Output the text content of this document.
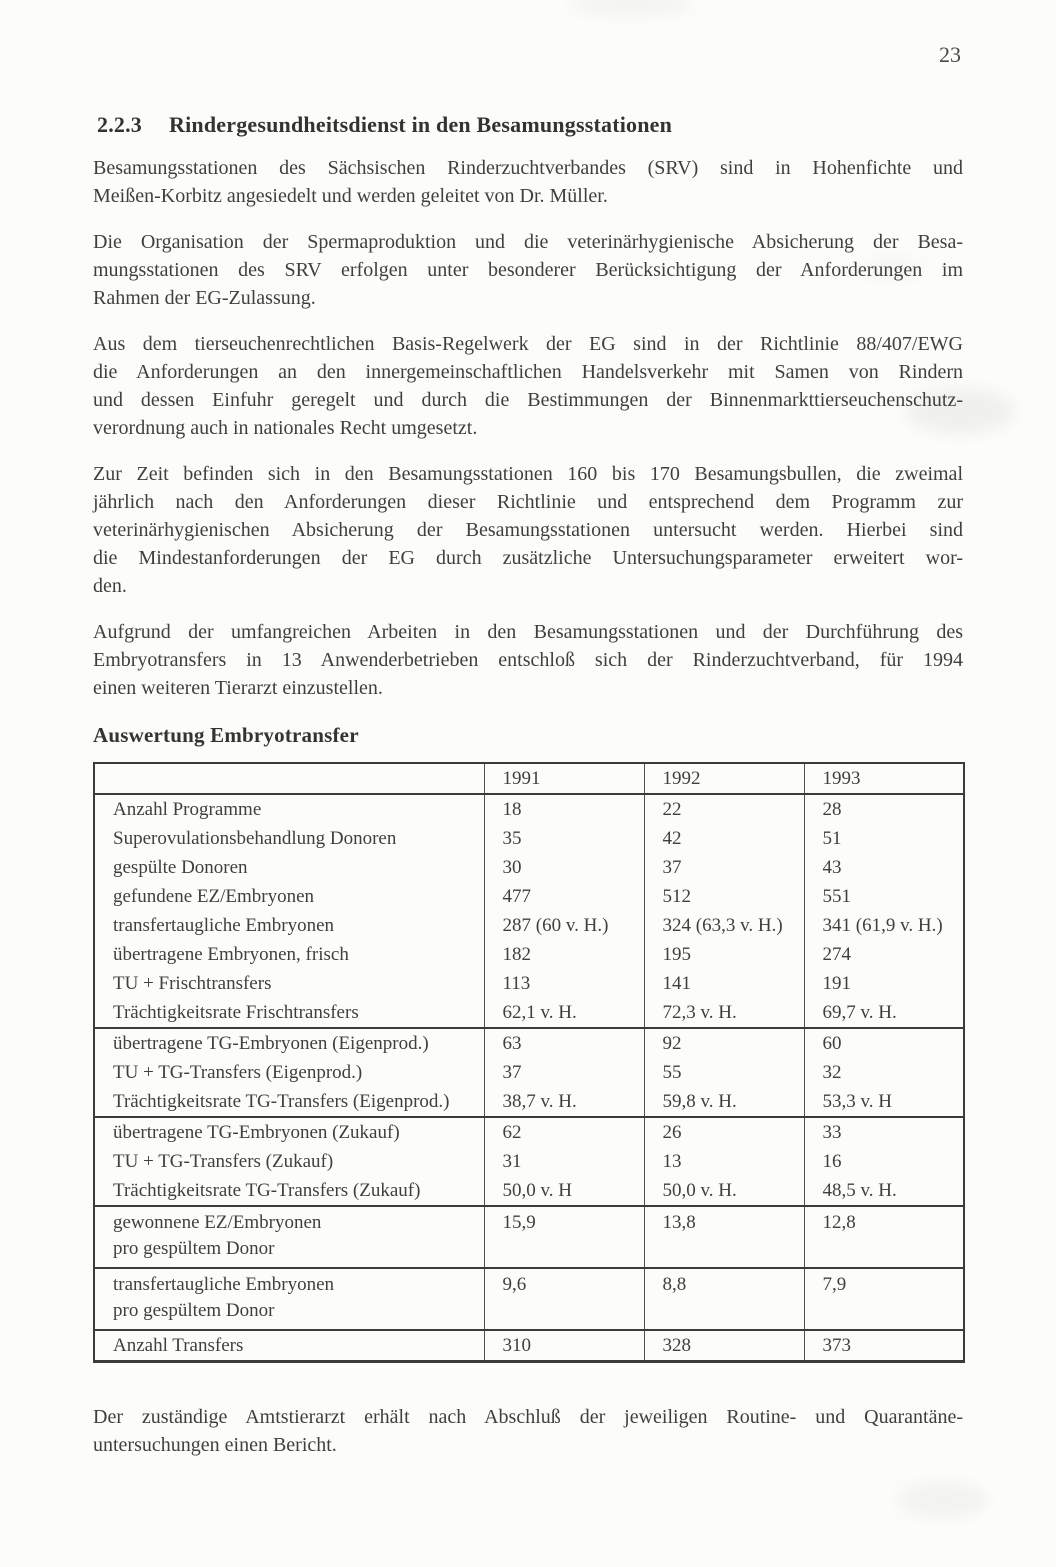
23
2.2.3 Rindergesundheitsdienst in den Besamungsstationen
Besamungsstationen des Sächsischen Rinderzuchtverbandes (SRV) sind in Hohenfichte und
Meißen-Korbitz angesiedelt und werden geleitet von Dr. Müller.
Die Organisation der Spermaproduktion und die veterinärhygienische Absicherung der Besa-
mungsstationen des SRV erfolgen unter besonderer Berücksichtigung der Anforderungen im
Rahmen der EG-Zulassung.
Aus dem tierseuchenrechtlichen Basis-Regelwerk der EG sind in der Richtlinie 88/407/EWG
die Anforderungen an den innergemeinschaftlichen Handelsverkehr mit Samen von Rindern
und dessen Einfuhr geregelt und durch die Bestimmungen der Binnenmarkttierseuchenschutz-
verordnung auch in nationales Recht umgesetzt.
Zur Zeit befinden sich in den Besamungsstationen 160 bis 170 Besamungsbullen, die zweimal
jährlich nach den Anforderungen dieser Richtlinie und entsprechend dem Programm zur
veterinärhygienischen Absicherung der Besamungsstationen untersucht werden. Hierbei sind
die Mindestanforderungen der EG durch zusätzliche Untersuchungsparameter erweitert wor-
den.
Aufgrund der umfangreichen Arbeiten in den Besamungsstationen und der Durchführung des
Embryotransfers in 13 Anwenderbetrieben entschloß sich der Rinderzuchtverband, für 1994
einen weiteren Tierarzt einzustellen.
Auswertung Embryotransfer
	1991	1992	1993

Anzahl Programme	18	22	28

Superovulationsbehandlung Donoren	35	42	51

gespülte Donoren	30	37	43

gefundene EZ/Embryonen	477	512	551

transfertaugliche Embryonen	287 (60 v. H.)	324 (63,3 v. H.)	341 (61,9 v. H.)

übertragene Embryonen, frisch	182	195	274

TU + Frischtransfers	113	141	191

Trächtigkeitsrate Frischtransfers	62,1 v. H.	72,3 v. H.	69,7 v. H.

übertragene TG-Embryonen (Eigenprod.)	63	92	60

TU + TG-Transfers (Eigenprod.)	37	55	32

Trächtigkeitsrate TG-Transfers (Eigenprod.)	38,7 v. H.	59,8 v. H.	53,3 v. H

übertragene TG-Embryonen (Zukauf)	62	26	33

TU + TG-Transfers (Zukauf)	31	13	16

Trächtigkeitsrate TG-Transfers (Zukauf)	50,0 v. H	50,0 v. H.	48,5 v. H.

gewonnene EZ/Embryonen
pro gespültem Donor	15,9	13,8	12,8

transfertaugliche Embryonen
pro gespültem Donor	9,6	8,8	7,9

Anzahl Transfers	310	328	373
Der zuständige Amtstierarzt erhält nach Abschluß der jeweiligen Routine- und Quarantäne-
untersuchungen einen Bericht.
